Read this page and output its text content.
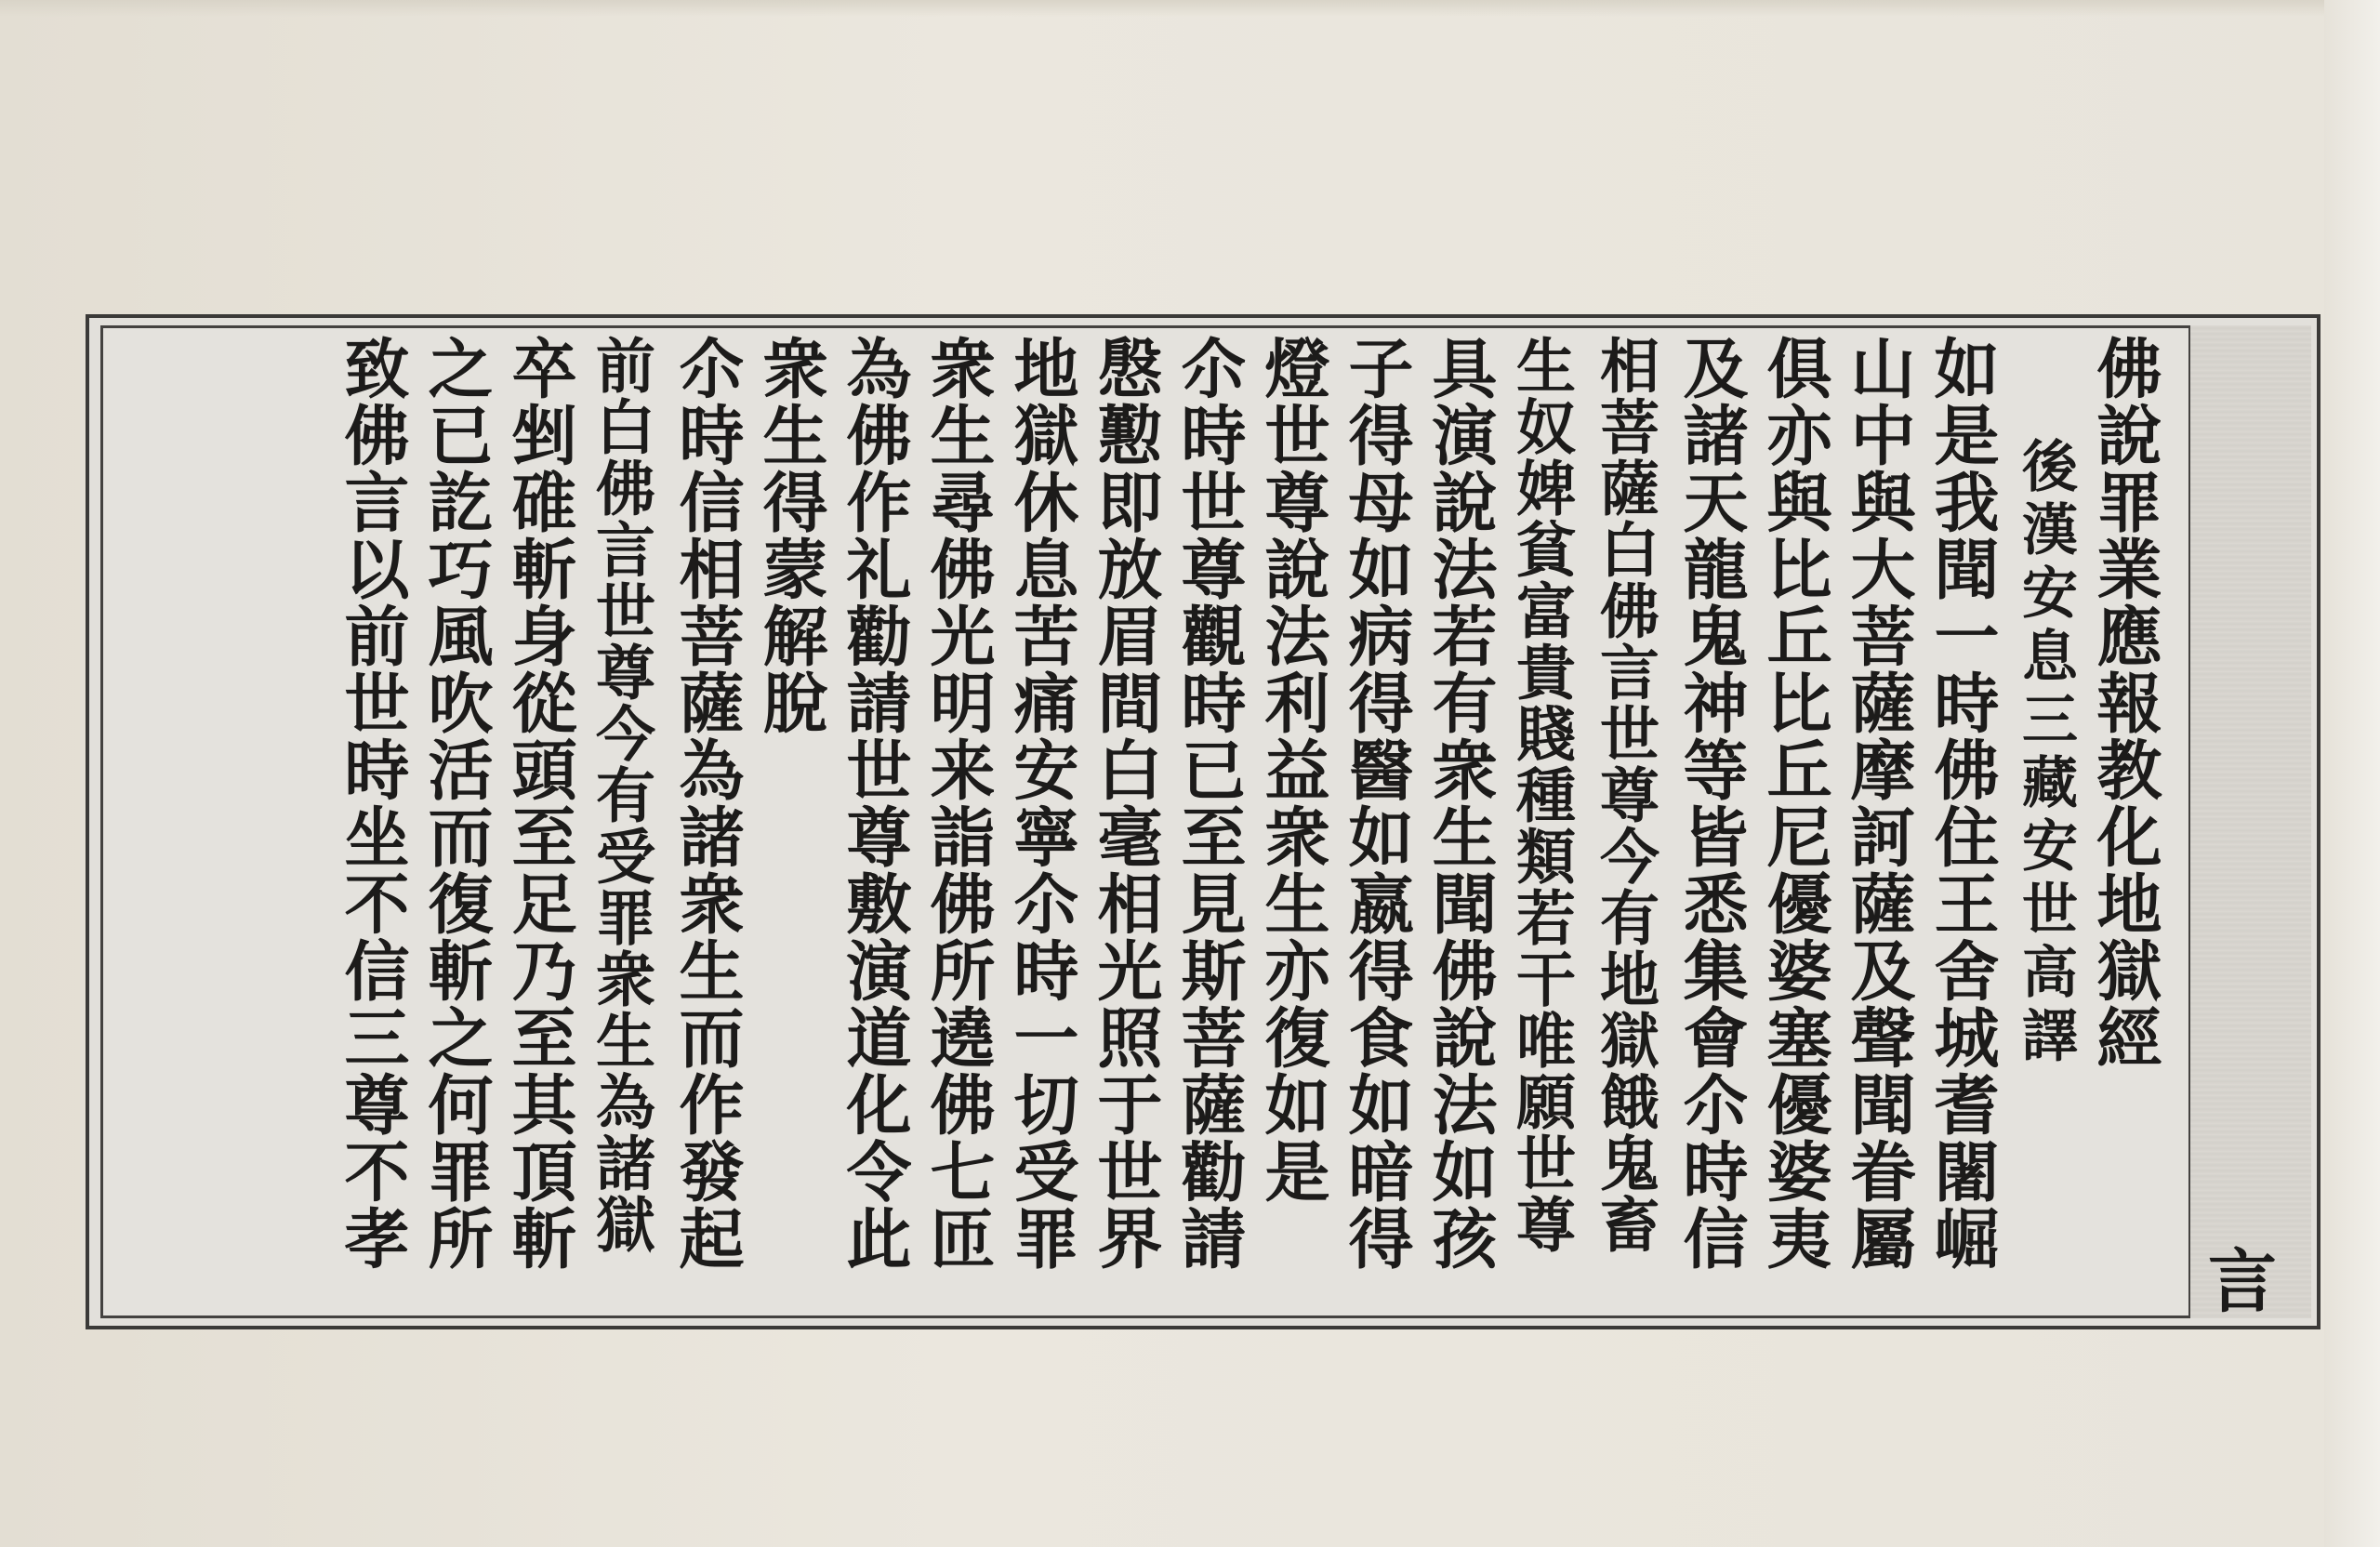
佛說罪業應報教化地獄經
後漢安息三藏安世高譯
如是我聞一時佛住王舍城耆闍崛
山中與大菩薩摩訶薩及聲聞眷屬
俱亦與比丘比丘尼優婆塞優婆夷
及諸天龍鬼神等皆悉集會尒時信
相菩薩白佛言世尊今有地獄餓鬼畜
生奴婢貧富貴賤種類若干唯願世尊
具演說法若有衆生聞佛說法如孩
子得母如病得醫如嬴得食如暗得
燈世尊說法利益衆生亦復如是
尒時世尊觀時已至見斯菩薩勸請
慇懃即放眉間白毫相光照于世界
地獄休息苦痛安寧尒時一切受罪
衆生尋佛光明来詣佛所遶佛七匝
為佛作礼勸請世尊敷演道化令此
衆生得蒙解脫
尒時信相菩薩為諸衆生而作發起
前白佛言世尊今有受罪衆生為諸獄
卒剉碓斬身從頭至足乃至其頂斬
之已訖巧風吹活而復斬之何罪所
致佛言以前世時坐不信三尊不孝
言
